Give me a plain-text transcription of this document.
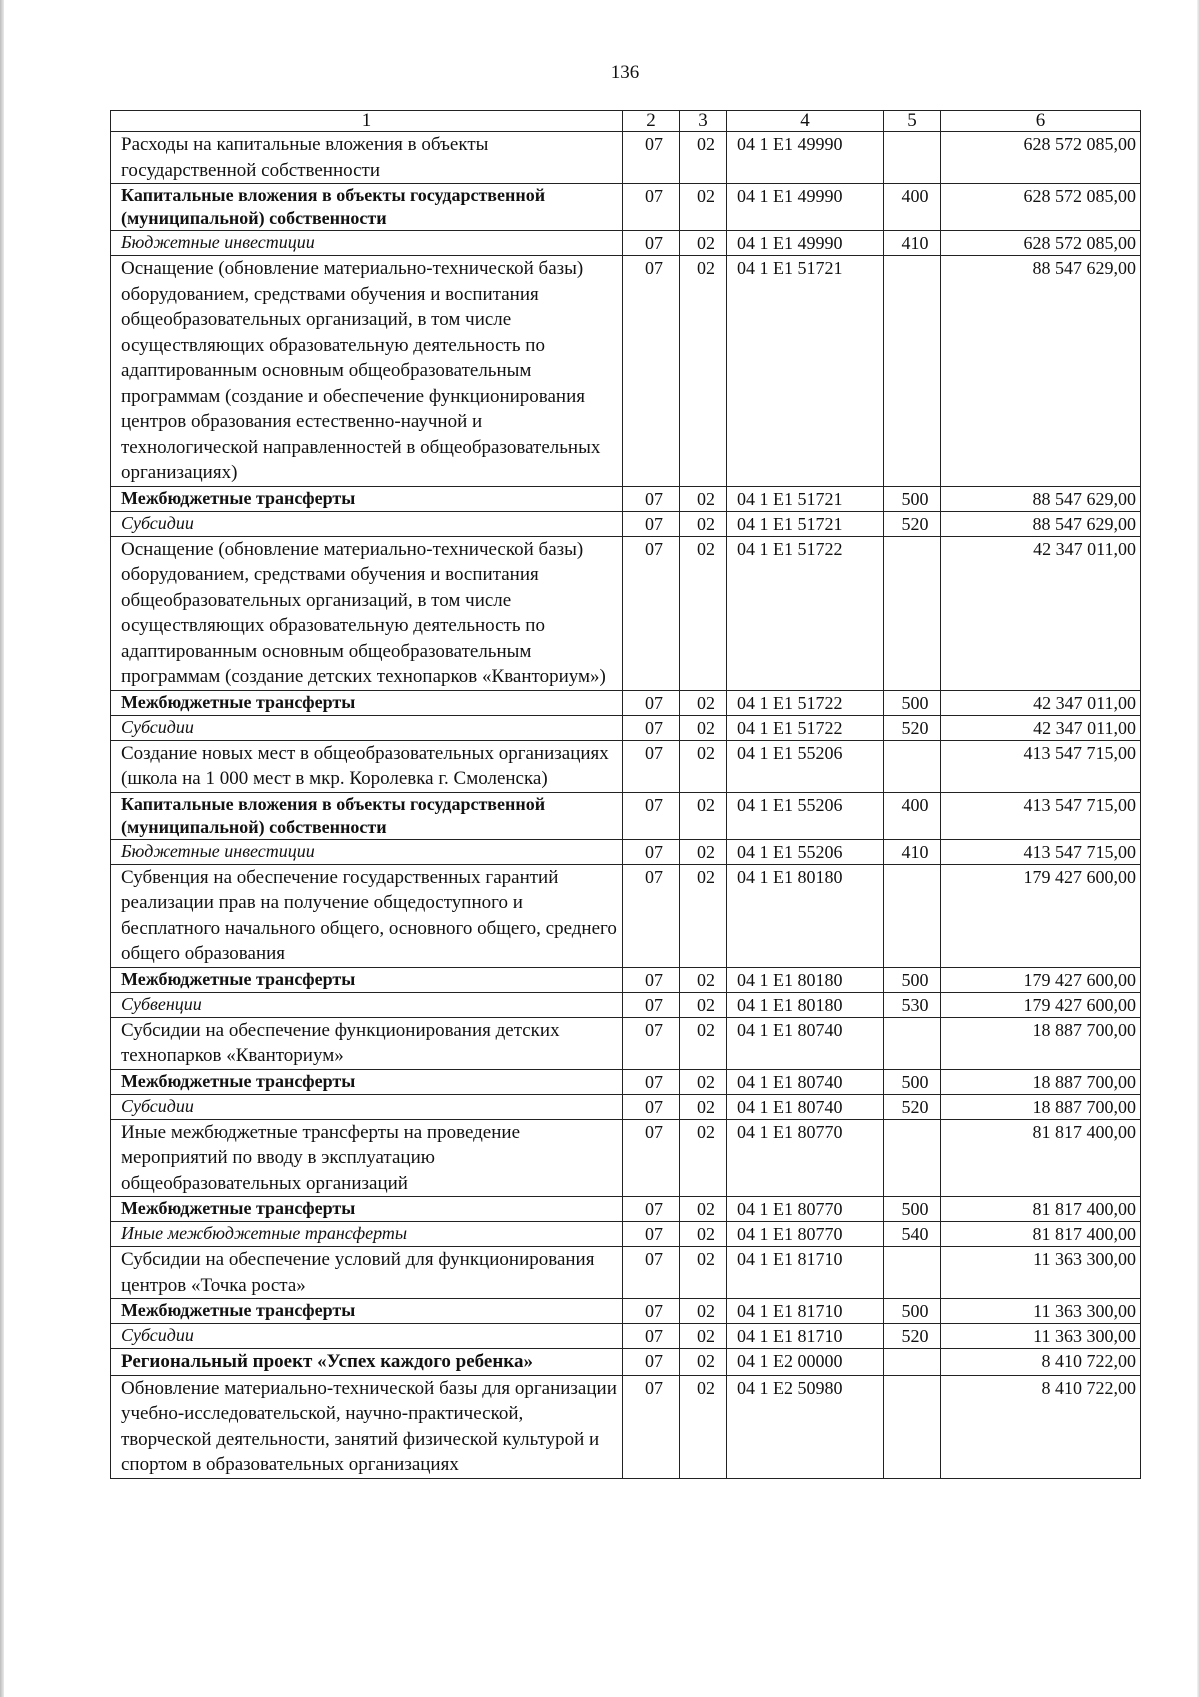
136
1	2	3	4	5	6
Расходы на капитальные вложения в объекты государственной собственности	07	02	04 1 Е1 49990		628 572 085,00
Капитальные вложения в объекты государственной (муниципальной) собственности	07	02	04 1 Е1 49990	400	628 572 085,00
Бюджетные инвестиции	07	02	04 1 Е1 49990	410	628 572 085,00
Оснащение (обновление материально-технической базы) оборудованием, средствами обучения и воспитания общеобразовательных организаций, в том числе осуществляющих образовательную деятельность по адаптированным основным общеобразовательным программам (создание и обеспечение функционирования центров образования естественно-научной и технологической направленностей в общеобразовательных организациях)	07	02	04 1 Е1 51721		88 547 629,00
Межбюджетные трансферты	07	02	04 1 Е1 51721	500	88 547 629,00
Субсидии	07	02	04 1 Е1 51721	520	88 547 629,00
Оснащение (обновление материально-технической базы) оборудованием, средствами обучения и воспитания общеобразовательных организаций, в том числе осуществляющих образовательную деятельность по адаптированным основным общеобразовательным программам (создание детских технопарков «Кванториум»)	07	02	04 1 Е1 51722		42 347 011,00
Межбюджетные трансферты	07	02	04 1 Е1 51722	500	42 347 011,00
Субсидии	07	02	04 1 Е1 51722	520	42 347 011,00
Создание новых мест в общеобразовательных организациях (школа на 1 000 мест в мкр. Королевка г. Смоленска)	07	02	04 1 Е1 55206		413 547 715,00
Капитальные вложения в объекты государственной (муниципальной) собственности	07	02	04 1 Е1 55206	400	413 547 715,00
Бюджетные инвестиции	07	02	04 1 Е1 55206	410	413 547 715,00
Субвенция на обеспечение государственных гарантий реализации прав на получение общедоступного и бесплатного начального общего, основного общего, среднего общего образования	07	02	04 1 Е1 80180		179 427 600,00
Межбюджетные трансферты	07	02	04 1 Е1 80180	500	179 427 600,00
Субвенции	07	02	04 1 Е1 80180	530	179 427 600,00
Субсидии на обеспечение функционирования детских технопарков «Кванториум»	07	02	04 1 Е1 80740		18 887 700,00
Межбюджетные трансферты	07	02	04 1 Е1 80740	500	18 887 700,00
Субсидии	07	02	04 1 Е1 80740	520	18 887 700,00
Иные межбюджетные трансферты на проведение мероприятий по вводу в эксплуатацию общеобразовательных организаций	07	02	04 1 Е1 80770		81 817 400,00
Межбюджетные трансферты	07	02	04 1 Е1 80770	500	81 817 400,00
Иные межбюджетные трансферты	07	02	04 1 Е1 80770	540	81 817 400,00
Субсидии на обеспечение условий для функционирования центров «Точка роста»	07	02	04 1 Е1 81710		11 363 300,00
Межбюджетные трансферты	07	02	04 1 Е1 81710	500	11 363 300,00
Субсидии	07	02	04 1 Е1 81710	520	11 363 300,00
Региональный проект «Успех каждого ребенка»	07	02	04 1 Е2 00000		8 410 722,00
Обновление материально-технической базы для организации учебно-исследовательской, научно-практической, творческой деятельности, занятий физической культурой и спортом в образовательных организациях	07	02	04 1 Е2 50980		8 410 722,00
